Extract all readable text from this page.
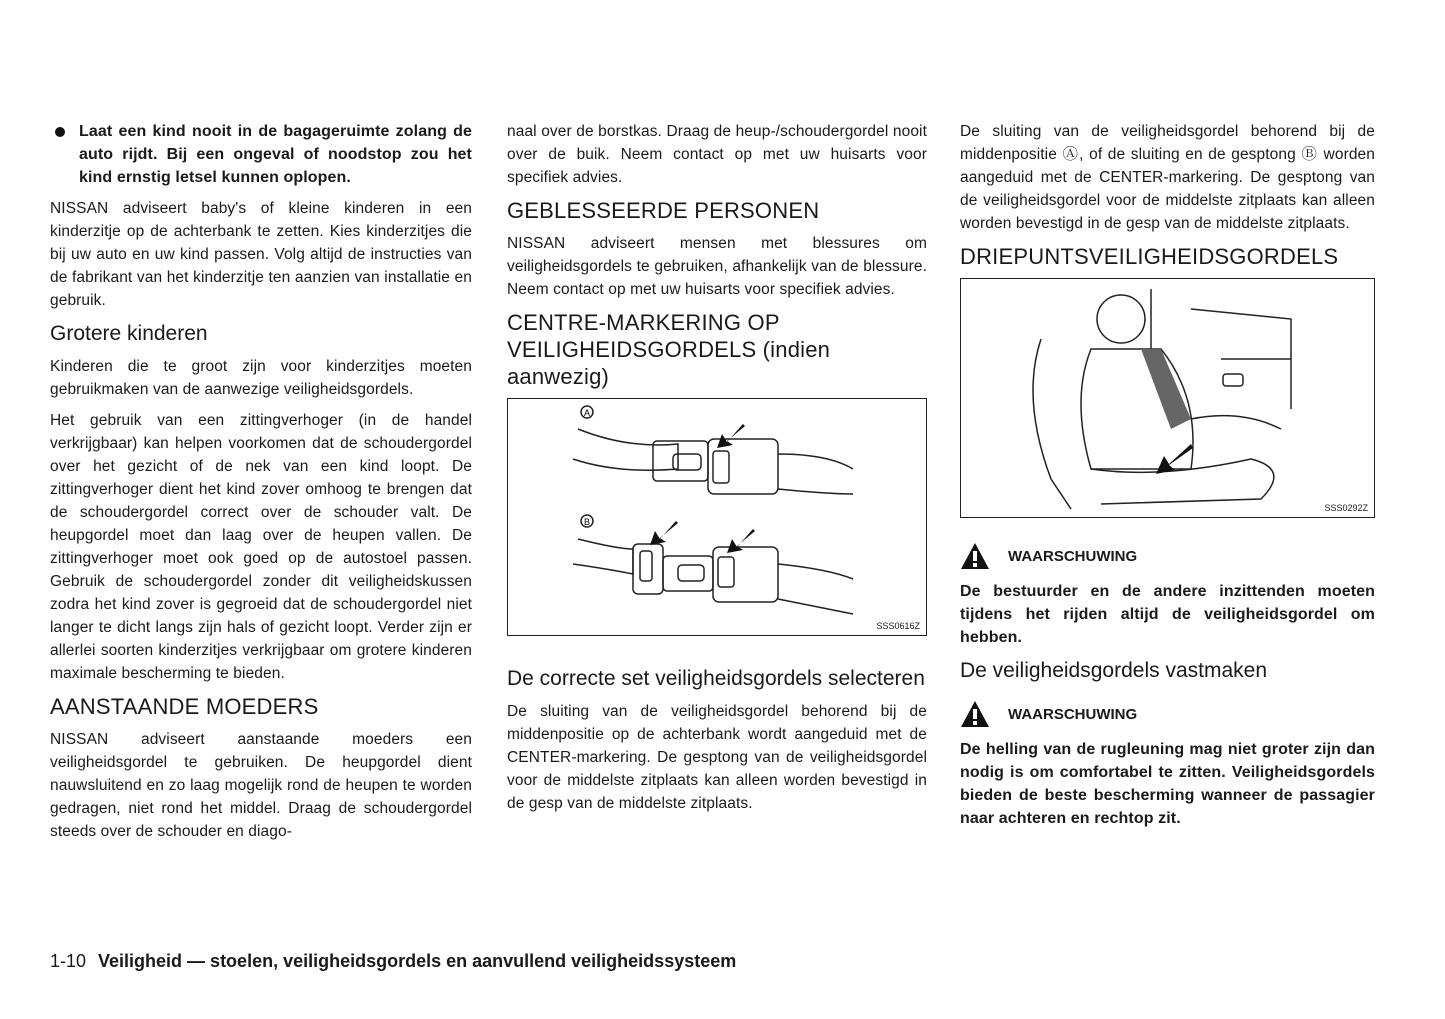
Laat een kind nooit in de bagageruimte zolang de auto rijdt. Bij een ongeval of noodstop zou het kind ernstig letsel kunnen oplopen.

NISSAN adviseert baby's of kleine kinderen in een kinderzitje op de achterbank te zetten. Kies kinderzitjes die bij uw auto en uw kind passen. Volg altijd de instructies van de fabrikant van het kinderzitje ten aanzien van installatie en gebruik.

Grotere kinderen

Kinderen die te groot zijn voor kinderzitjes moeten gebruikmaken van de aanwezige veiligheidsgordels.

Het gebruik van een zittingverhoger (in de handel verkrijgbaar) kan helpen voorkomen dat de schoudergordel over het gezicht of de nek van een kind loopt. De zittingverhoger dient het kind zover omhoog te brengen dat de schoudergordel correct over de schouder valt. De heupgordel moet dan laag over de heupen vallen. De zittingverhoger moet ook goed op de autostoel passen. Gebruik de schoudergordel zonder dit veiligheidskussen zodra het kind zover is gegroeid dat de schoudergordel niet langer te dicht langs zijn hals of gezicht loopt. Verder zijn er allerlei soorten kinderzitjes verkrijgbaar om grotere kinderen maximale bescherming te bieden.

AANSTAANDE MOEDERS

NISSAN adviseert aanstaande moeders een veiligheidsgordel te gebruiken. De heupgordel dient nauwsluitend en zo laag mogelijk rond de heupen te worden gedragen, niet rond het middel. Draag de schoudergordel steeds over de schouder en diago-

naal over de borstkas. Draag de heup-/schoudergordel nooit over de buik. Neem contact op met uw huisarts voor specifiek advies.

GEBLESSEERDE PERSONEN

NISSAN adviseert mensen met blessures om veiligheidsgordels te gebruiken, afhankelijk van de blessure. Neem contact op met uw huisarts voor specifiek advies.

CENTRE-MARKERING OP VEILIGHEIDSGORDELS (indien aanwezig)
A
B
SSS0616Z
De correcte set veiligheidsgordels selecteren

De sluiting van de veiligheidsgordel behorend bij de middenpositie op de achterbank wordt aangeduid met de CENTER-markering. De gesptong van de veiligheidsgordel voor de middelste zitplaats kan alleen worden bevestigd in de gesp van de middelste zitplaats.

De sluiting van de veiligheidsgordel behorend bij de middenpositie Ⓐ, of de sluiting en de gesptong Ⓑ worden aangeduid met de CENTER-markering. De gesptong van de veiligheidsgordel voor de middelste zitplaats kan alleen worden bevestigd in de gesp van de middelste zitplaats.

DRIEPUNTSVEILIGHEIDSGORDELS
SSS0292Z
WAARSCHUWING

De bestuurder en de andere inzittenden moeten tijdens het rijden altijd de veiligheidsgordel om hebben.

De veiligheidsgordels vastmaken
WAARSCHUWING

De helling van de rugleuning mag niet groter zijn dan nodig is om comfortabel te zitten. Veiligheidsgordels bieden de beste bescherming wanneer de passagier naar achteren en rechtop zit.

1-10 Veiligheid — stoelen, veiligheidsgordels en aanvullend veiligheidssysteem
